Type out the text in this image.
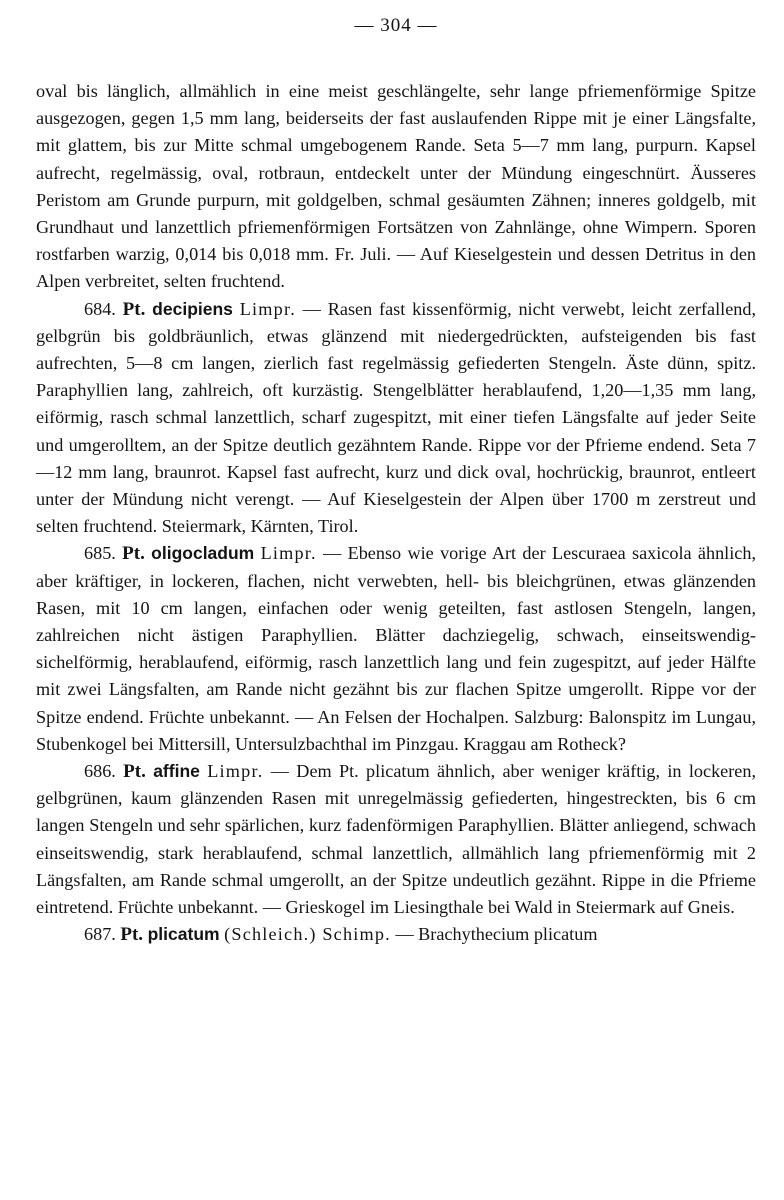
— 304 —

oval bis länglich, allmählich in eine meist geschlängelte, sehr lange pfriemenförmige Spitze ausgezogen, gegen 1,5 mm lang, beiderseits der fast auslaufenden Rippe mit je einer Längsfalte, mit glattem, bis zur Mitte schmal umgebogenem Rande. Seta 5—7 mm lang, purpurn. Kapsel aufrecht, regelmässig, oval, rotbraun, entdeckelt unter der Mündung eingeschnürt. Äusseres Peristom am Grunde purpurn, mit goldgelben, schmal gesäumten Zähnen; inneres goldgelb, mit Grundhaut und lanzettlich pfriemenförmigen Fortsätzen von Zahnlänge, ohne Wimpern. Sporen rostfarben warzig, 0,014 bis 0,018 mm. Fr. Juli. — Auf Kieselgestein und dessen Detritus in den Alpen verbreitet, selten fruchtend.

684. Pt. decipiens Limpr. — Rasen fast kissenförmig, nicht verwebt, leicht zerfallend, gelbgrün bis goldbräunlich, etwas glänzend mit niedergedrückten, aufsteigenden bis fast aufrechten, 5—8 cm langen, zierlich fast regelmässig gefiederten Stengeln. Äste dünn, spitz. Paraphyllien lang, zahlreich, oft kurzästig. Stengelblätter herablaufend, 1,20—1,35 mm lang, eiförmig, rasch schmal lanzettlich, scharf zugespitzt, mit einer tiefen Längsfalte auf jeder Seite und umgerolltem, an der Spitze deutlich gezähntem Rande. Rippe vor der Pfrieme endend. Seta 7—12 mm lang, braunrot. Kapsel fast aufrecht, kurz und dick oval, hochrückig, braunrot, entleert unter der Mündung nicht verengt. — Auf Kieselgestein der Alpen über 1700 m zerstreut und selten fruchtend. Steiermark, Kärnten, Tirol.

685. Pt. oligocladum Limpr. — Ebenso wie vorige Art der Lescuraea saxicola ähnlich, aber kräftiger, in lockeren, flachen, nicht verwebten, hell- bis bleichgrünen, etwas glänzenden Rasen, mit 10 cm langen, einfachen oder wenig geteilten, fast astlosen Stengeln, langen, zahlreichen nicht ästigen Paraphyllien. Blätter dachziegelig, schwach, einseitswendig-sichelförmig, herablaufend, eiförmig, rasch lanzettlich lang und fein zugespitzt, auf jeder Hälfte mit zwei Längsfalten, am Rande nicht gezähnt bis zur flachen Spitze umgerollt. Rippe vor der Spitze endend. Früchte unbekannt. — An Felsen der Hochalpen. Salzburg: Balonspitz im Lungau, Stubenkogel bei Mittersill, Untersulzbachthal im Pinzgau. Kraggau am Rotheck?

686. Pt. affine Limpr. — Dem Pt. plicatum ähnlich, aber weniger kräftig, in lockeren, gelbgrünen, kaum glänzenden Rasen mit unregelmässig gefiederten, hingestreckten, bis 6 cm langen Stengeln und sehr spärlichen, kurz fadenförmigen Paraphyllien. Blätter anliegend, schwach einseitswendig, stark herablaufend, schmal lanzettlich, allmählich lang pfriemenförmig mit 2 Längsfalten, am Rande schmal umgerollt, an der Spitze undeutlich gezähnt. Rippe in die Pfrieme eintretend. Früchte unbekannt. — Grieskogel im Liesingthale bei Wald in Steiermark auf Gneis.

687. Pt. plicatum (Schleich.) Schimp. — Brachythecium plicatum
